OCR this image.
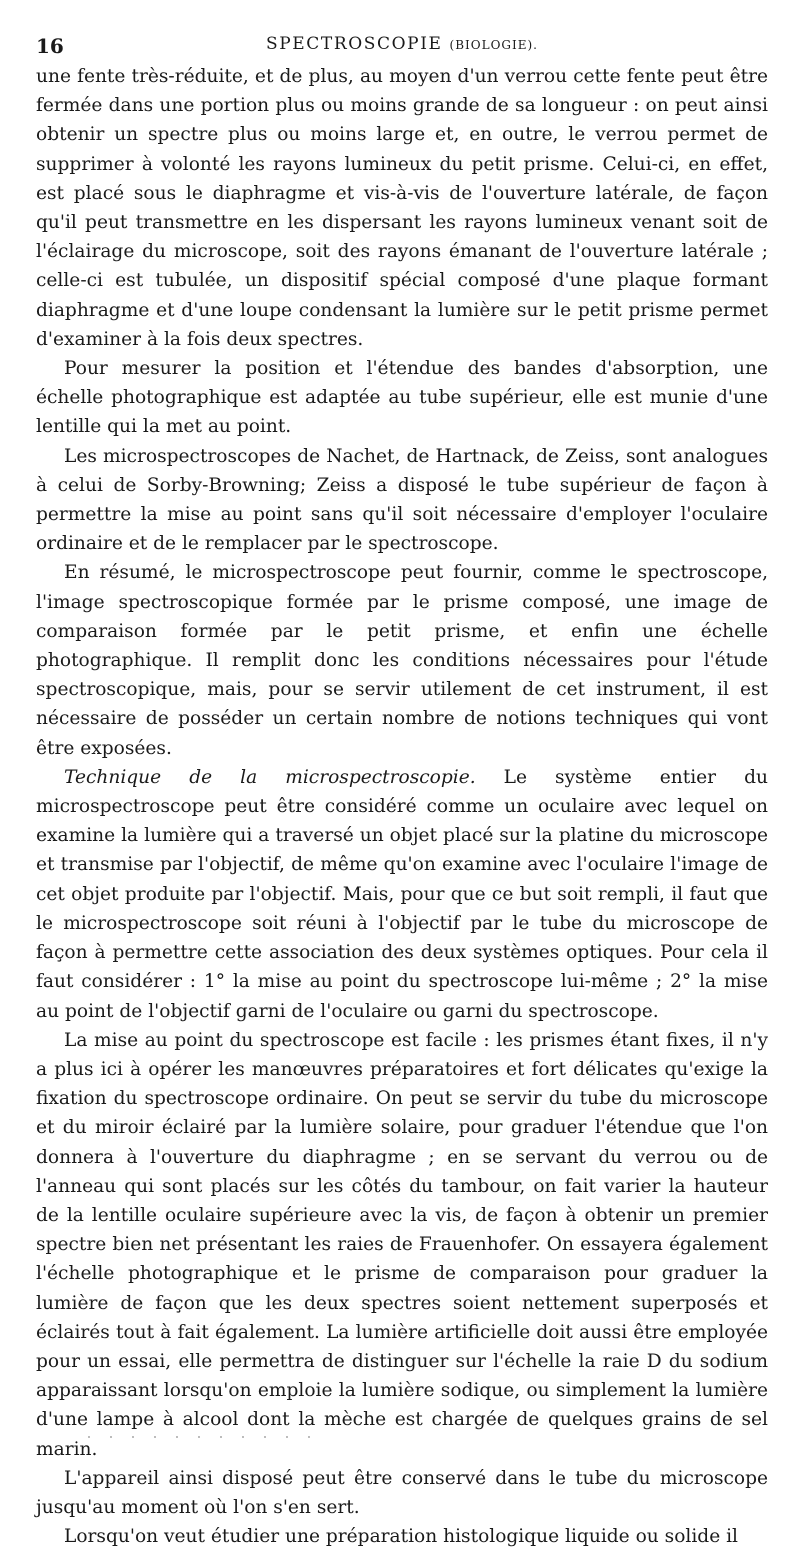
16	SPECTROSCOPIE (BIOLOGIE).

une fente très-réduite, et de plus, au moyen d'un verrou cette fente peut être fermée dans une portion plus ou moins grande de sa longueur : on peut ainsi obtenir un spectre plus ou moins large et, en outre, le verrou permet de supprimer à volonté les rayons lumineux du petit prisme. Celui-ci, en effet, est placé sous le diaphragme et vis-à-vis de l'ouverture latérale, de façon qu'il peut transmettre en les dispersant les rayons lumineux venant soit de l'éclairage du microscope, soit des rayons émanant de l'ouverture latérale ; celle-ci est tubulée, un dispositif spécial composé d'une plaque formant diaphragme et d'une loupe condensant la lumière sur le petit prisme permet d'examiner à la fois deux spectres.

Pour mesurer la position et l'étendue des bandes d'absorption, une échelle photographique est adaptée au tube supérieur, elle est munie d'une lentille qui la met au point.

Les microspectroscopes de Nachet, de Hartnack, de Zeiss, sont analogues à celui de Sorby-Browning; Zeiss a disposé le tube supérieur de façon à permettre la mise au point sans qu'il soit nécessaire d'employer l'oculaire ordinaire et de le remplacer par le spectroscope.

En résumé, le microspectroscope peut fournir, comme le spectroscope, l'image spectroscopique formée par le prisme composé, une image de comparaison formée par le petit prisme, et enfin une échelle photographique. Il remplit donc les conditions nécessaires pour l'étude spectroscopique, mais, pour se servir utilement de cet instrument, il est nécessaire de posséder un certain nombre de notions techniques qui vont être exposées.

Technique de la microspectroscopie. Le système entier du microspectroscope peut être considéré comme un oculaire avec lequel on examine la lumière qui a traversé un objet placé sur la platine du microscope et transmise par l'objectif, de même qu'on examine avec l'oculaire l'image de cet objet produite par l'objectif. Mais, pour que ce but soit rempli, il faut que le microspectroscope soit réuni à l'objectif par le tube du microscope de façon à permettre cette association des deux systèmes optiques. Pour cela il faut considérer : 1° la mise au point du spectroscope lui-même ; 2° la mise au point de l'objectif garni de l'oculaire ou garni du spectroscope.

La mise au point du spectroscope est facile : les prismes étant fixes, il n'y a plus ici à opérer les manœuvres préparatoires et fort délicates qu'exige la fixation du spectroscope ordinaire. On peut se servir du tube du microscope et du miroir éclairé par la lumière solaire, pour graduer l'étendue que l'on donnera à l'ouverture du diaphragme ; en se servant du verrou ou de l'anneau qui sont placés sur les côtés du tambour, on fait varier la hauteur de la lentille oculaire supérieure avec la vis, de façon à obtenir un premier spectre bien net présentant les raies de Frauenhofer. On essayera également l'échelle photographique et le prisme de comparaison pour graduer la lumière de façon que les deux spectres soient nettement superposés et éclairés tout à fait également. La lumière artificielle doit aussi être employée pour un essai, elle permettra de distinguer sur l'échelle la raie D du sodium apparaissant lorsqu'on emploie la lumière sodique, ou simplement la lumière d'une lampe à alcool dont la mèche est chargée de quelques grains de sel marin.

L'appareil ainsi disposé peut être conservé dans le tube du microscope jusqu'au moment où l'on s'en sert.

Lorsqu'on veut étudier une préparation histologique liquide ou solide il
